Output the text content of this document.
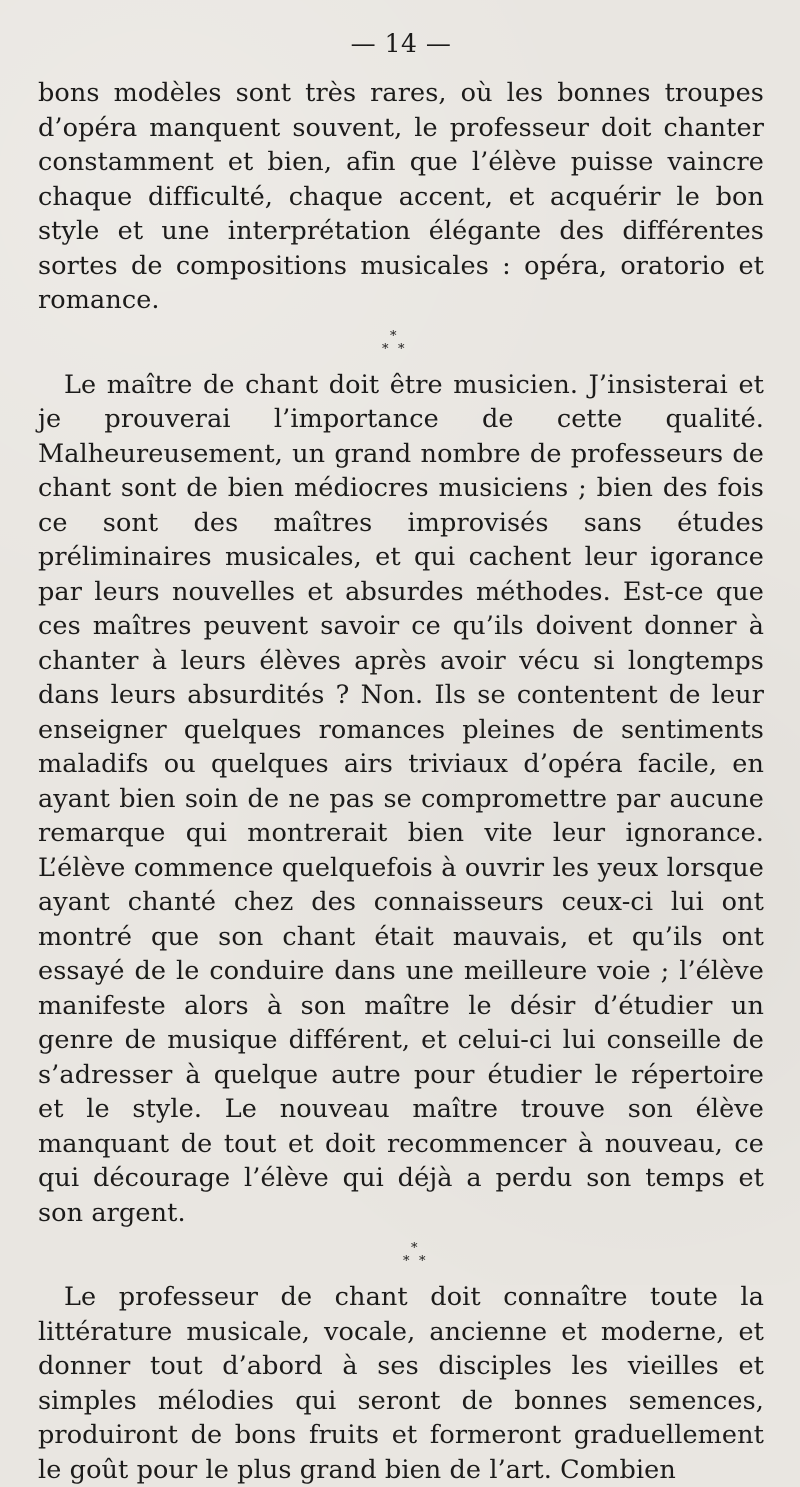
— 14 —

bons modèles sont très rares, où les bonnes troupes d’opéra manquent souvent, le professeur doit chanter constamment et bien, afin que l’élève puisse vaincre chaque difficulté, chaque accent, et acquérir le bon style et une interprétation élégante des différentes sortes de compositions musicales : opéra, oratorio et romance.

*
* *

Le maître de chant doit être musicien. J’insisterai et je prouverai l’importance de cette qualité. Malheureusement, un grand nombre de professeurs de chant sont de bien médiocres musiciens ; bien des fois ce sont des maîtres improvisés sans études préliminaires musicales, et qui cachent leur igorance par leurs nouvelles et absurdes méthodes. Est-ce que ces maîtres peuvent savoir ce qu’ils doivent donner à chanter à leurs élèves après avoir vécu si longtemps dans leurs absurdités ? Non. Ils se contentent de leur enseigner quelques romances pleines de sentiments maladifs ou quelques airs triviaux d’opéra facile, en ayant bien soin de ne pas se compromettre par aucune remarque qui montrerait bien vite leur ignorance. L’élève commence quelquefois à ouvrir les yeux lorsque ayant chanté chez des connaisseurs ceux-ci lui ont montré que son chant était mauvais, et qu’ils ont essayé de le conduire dans une meilleure voie ; l’élève manifeste alors à son maître le désir d’étudier un genre de musique différent, et celui-ci lui conseille de s’adresser à quelque autre pour étudier le répertoire et le style. Le nouveau maître trouve son élève manquant de tout et doit recommencer à nouveau, ce qui décourage l’élève qui déjà a perdu son temps et son argent.

*
* *

Le professeur de chant doit connaître toute la littérature musicale, vocale, ancienne et moderne, et donner tout d’abord à ses disciples les vieilles et simples mélodies qui seront de bonnes semences, produiront de bons fruits et formeront graduellement le goût pour le plus grand bien de l’art. Combien
